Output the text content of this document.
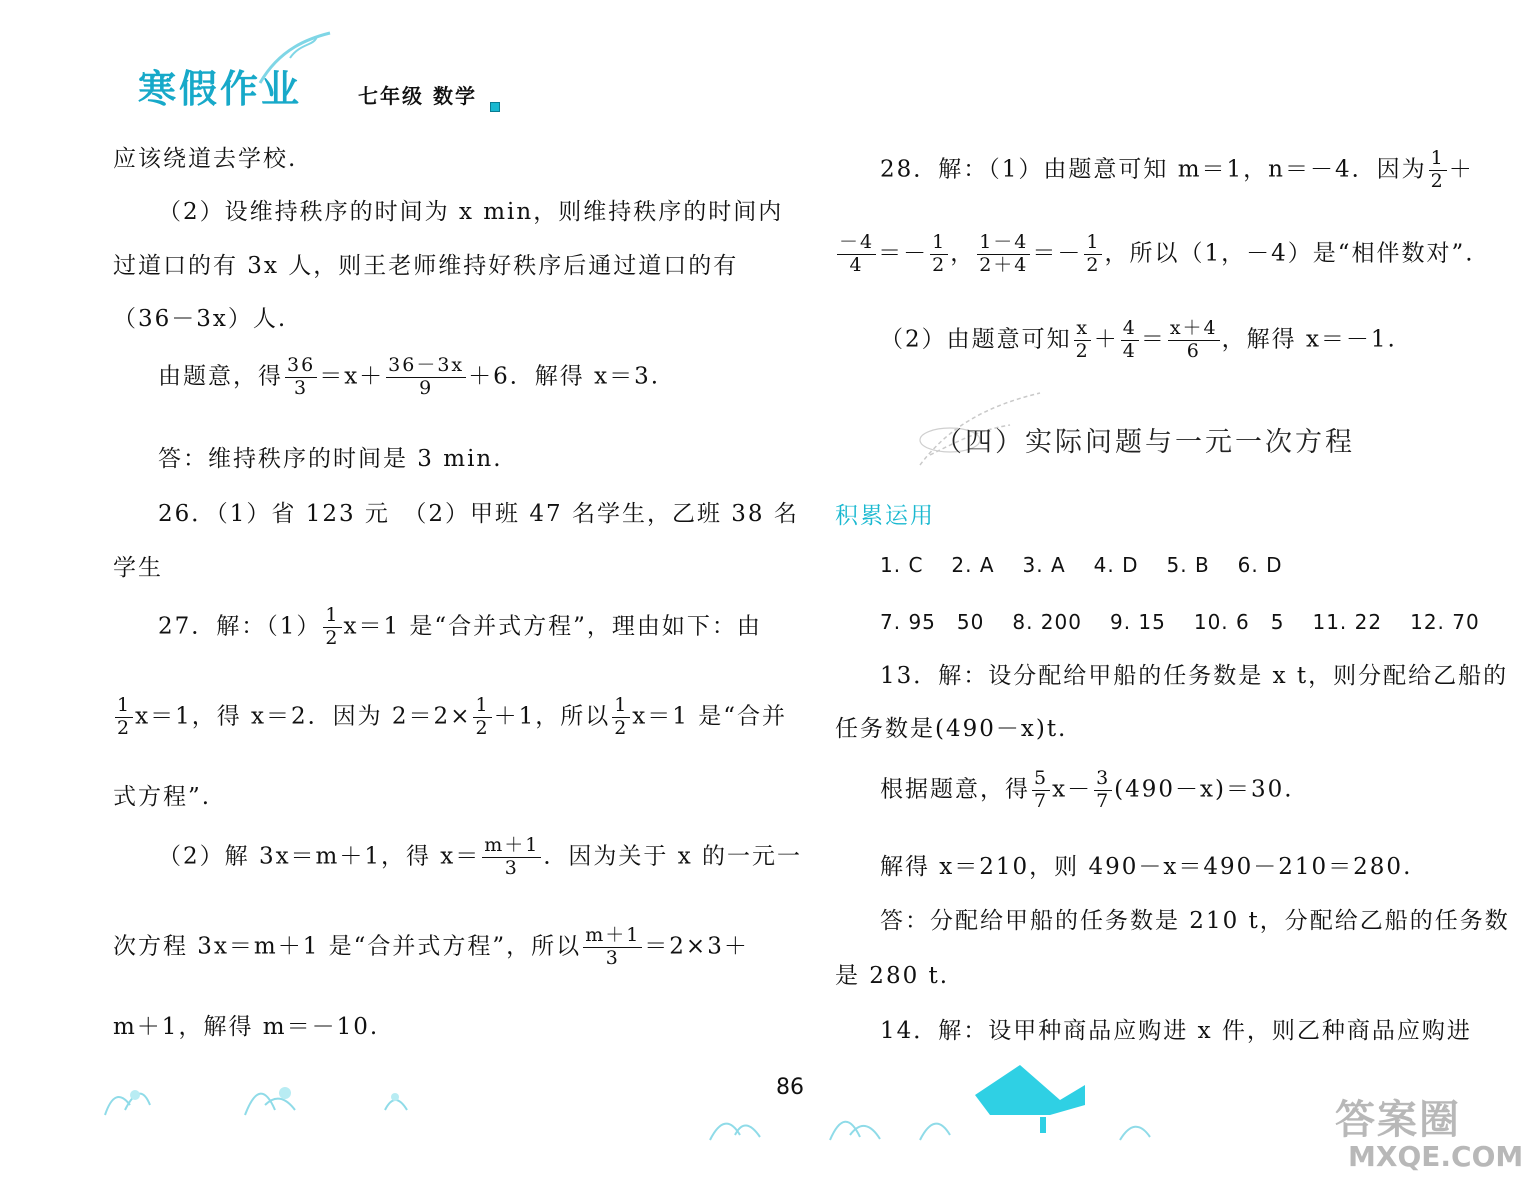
寒假作业	七年级 数学
应该绕道去学校.
（2）设维持秩序的时间为 x min，则维持秩序的时间内
过道口的有 3x 人，则王老师维持好秩序后通过道口的有
（36－3x）人.
由题意，得 $\frac{36}{3} =x+ \frac{36-3x}{9} +6$．解得 x＝3.
答：维持秩序的时间是 3 min.
26．（1）省 123 元　（2）甲班 47 名学生，乙班 38 名
学生
27．解：$(1) \frac{1}{2} x=1$ 是“合并式方程”，理由如下：由
$\frac{1}{2} x=1$，得 x＝2．因为 $2=2\times \frac{1}{2} +1$，所以 $\frac{1}{2} x=1$ 是“合并
式方程”.
（2）解 3x＝m＋1，得 $x= \frac{m+1}{3}$ ．因为关于 x 的一元一
次方程 3x＝m＋1 是“合并式方程”，所以 $\frac{m+1}{3} =2\times 3+$
m＋1，解得 m＝－10.
28．解：（1）由题意可知 m＝1，n＝－4．因为 $\frac{1}{2}$ ＋
$\frac{-4}{4} =- \frac{1}{2}$ ， $\frac{1-4}{2+4} =- \frac{1}{2}$ ，所以（1，－4）是“相伴数对”.
（2）由题意可知 $\frac{x}{2} + \frac{4}{4} = \frac{x+4}{6}$ ，解得 x＝－1.
（四）实际问题与一元一次方程
积累运用
1. C 2. A 3. A 4. D 5. B 6. D
7. 95　50 8. 200 9. 15 10. 6　5 11. 22 12. 70
13．解：设分配给甲船的任务数是 x t，则分配给乙船的
任务数是(490－x)t.
根据题意，得 $\frac{5}{7} x- \frac{3}{7} (490-x)=30$.
解得 x＝210，则 490－x＝490－210＝280.
答：分配给甲船的任务数是 210 t，分配给乙船的任务数
是 280 t.
14．解：设甲种商品应购进 x 件，则乙种商品应购进
86
答案圈
MXQE.COM
